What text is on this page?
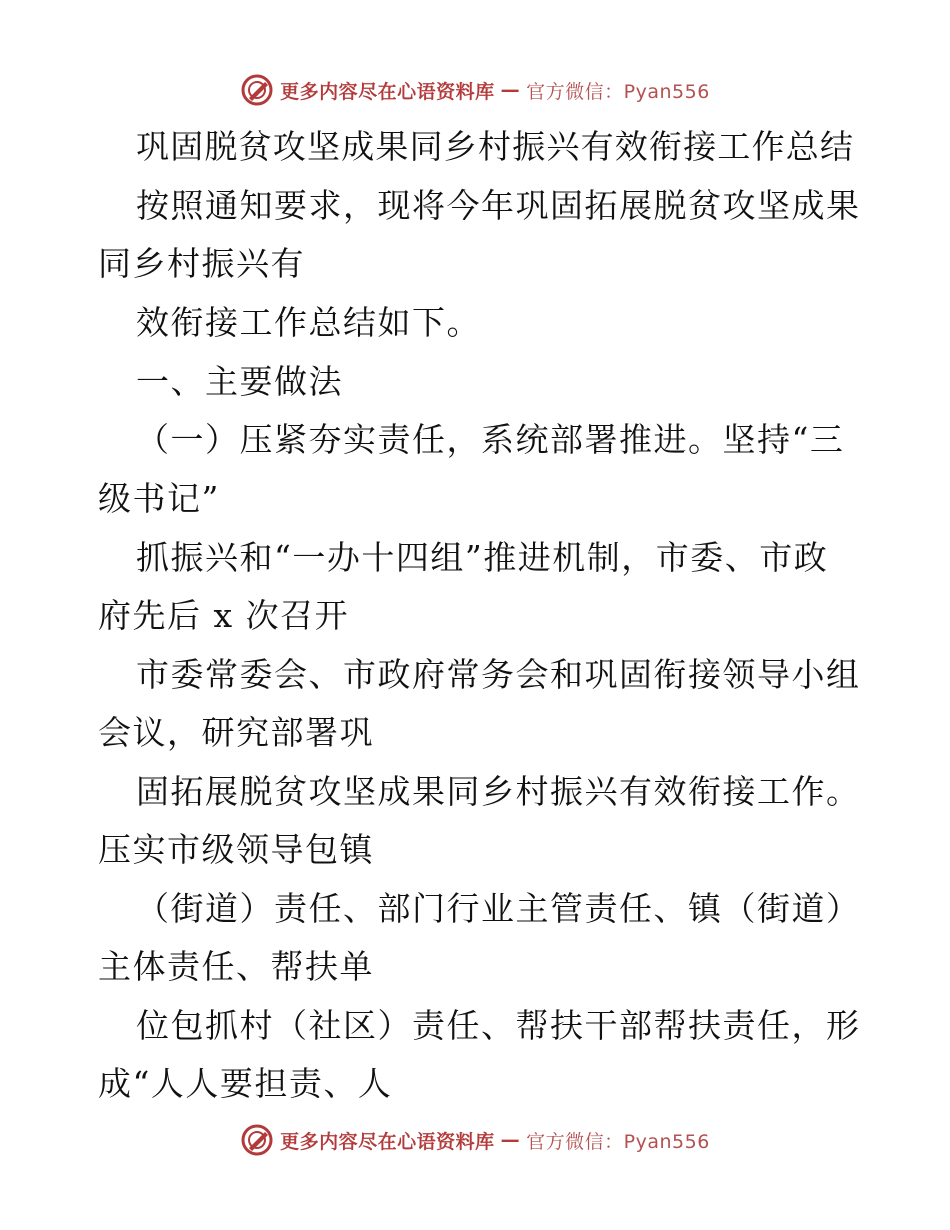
更多内容尽在心语资料库 — 官方微信：Pyan556
巩固脱贫攻坚成果同乡村振兴有效衔接工作总结
按照通知要求，现将今年巩固拓展脱贫攻坚成果
同乡村振兴有
效衔接工作总结如下。
一、主要做法
（一）压紧夯实责任，系统部署推进。坚持“三
级书记”
抓振兴和“一办十四组”推进机制，市委、市政
府先后 x 次召开
市委常委会、市政府常务会和巩固衔接领导小组
会议，研究部署巩
固拓展脱贫攻坚成果同乡村振兴有效衔接工作。
压实市级领导包镇
（街道）责任、部门行业主管责任、镇（街道）
主体责任、帮扶单
位包抓村（社区）责任、帮扶干部帮扶责任，形
成“人人要担责、人
更多内容尽在心语资料库 — 官方微信：Pyan556
